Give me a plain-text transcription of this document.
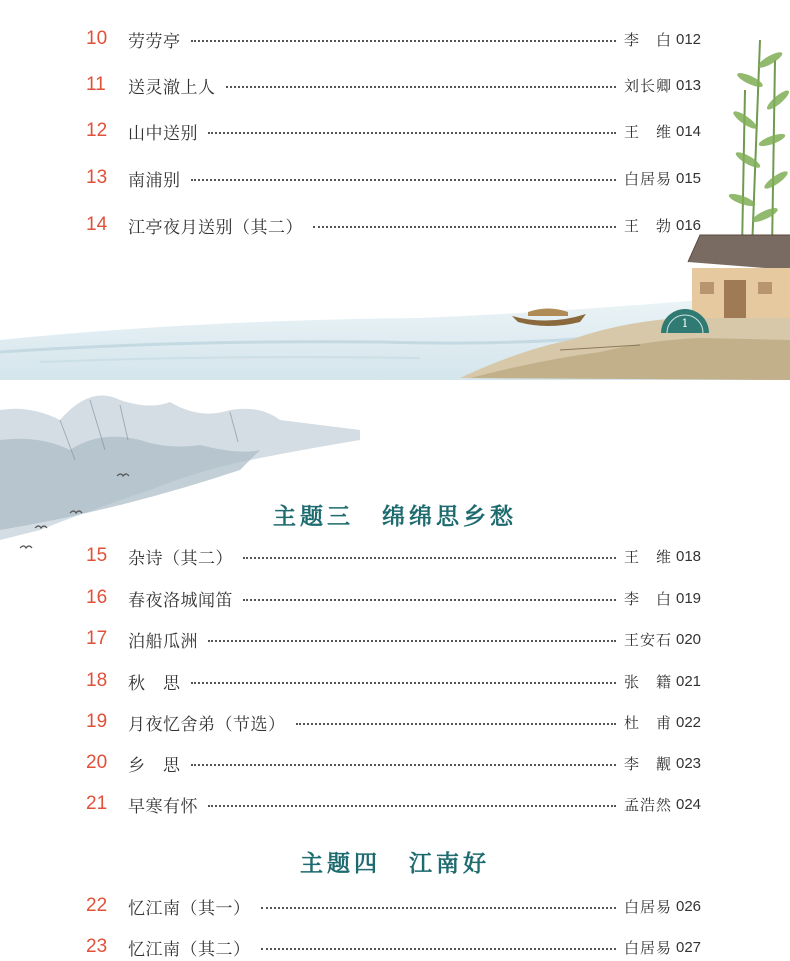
1
10	劳劳亭	李　白 012
11	送灵澈上人	刘长卿 013
12	山中送别	王　维 014
13	南浦别	白居易 015
14	江亭夜月送别（其二）	王　勃 016
主题三 绵绵思乡愁
15	杂诗（其二）	王　维 018
16	春夜洛城闻笛	李　白 019
17	泊船瓜洲	王安石 020
18	秋　思	张　籍 021
19	月夜忆舍弟（节选）	杜　甫 022
20	乡　思	李　觏 023
21	早寒有怀	孟浩然 024
主题四 江南好
22	忆江南（其一）	白居易 026
23	忆江南（其二）	白居易 027
